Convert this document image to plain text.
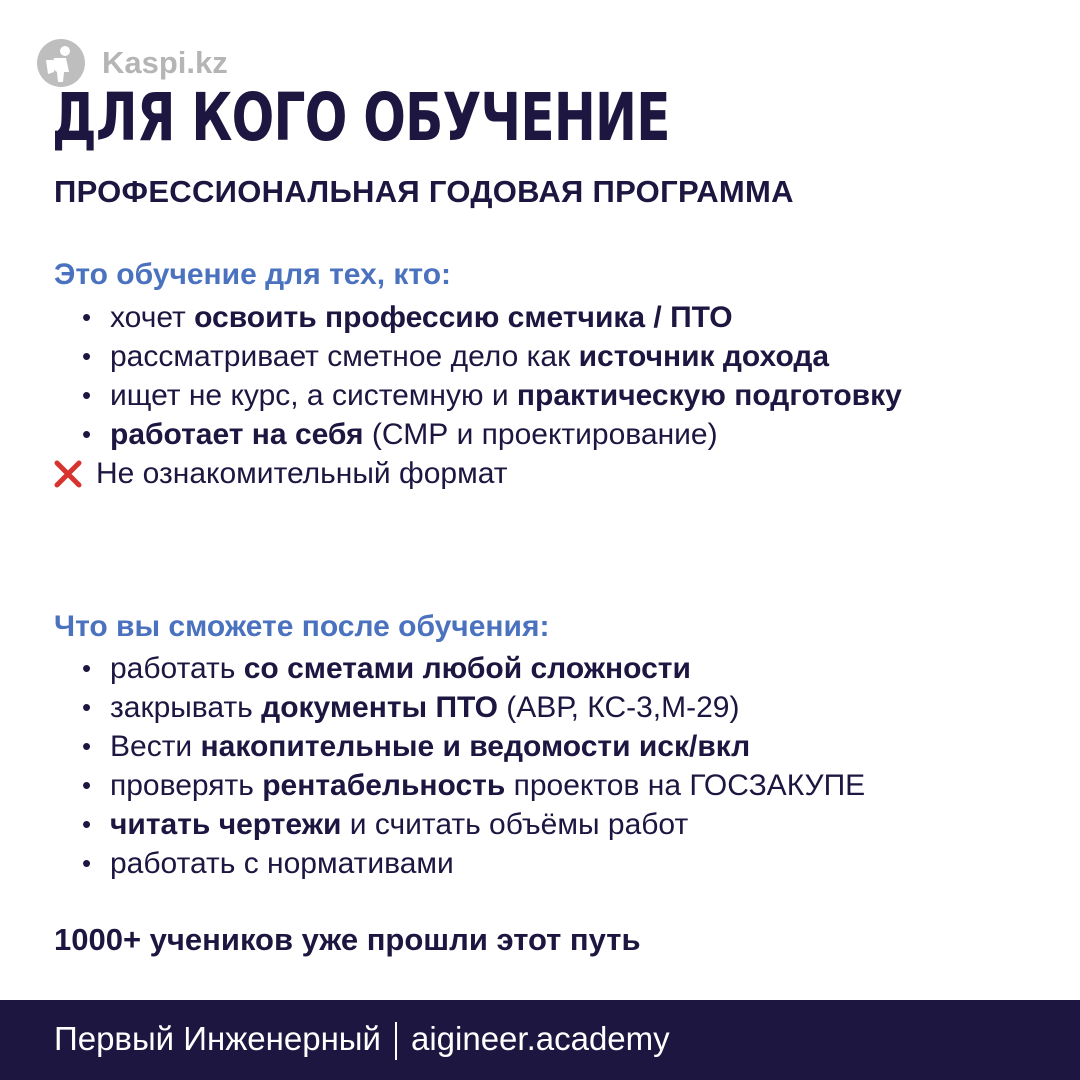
Kaspi.kz
ДЛЯ КОГО ОБУЧЕНИЕ
ПРОФЕССИОНАЛЬНАЯ ГОДОВАЯ ПРОГРАММА
Это обучение для тех, кто:
• хочет освоить профессию сметчика / ПТО
• рассматривает сметное дело как источник дохода
• ищет не курс, а системную и практическую подготовку
• работает на себя (СМР и проектирование)
Не ознакомительный формат
Что вы сможете после обучения:
• работать со сметами любой сложности
• закрывать документы ПТО (АВР, КС-3,М-29)
• Вести накопительные и ведомости иск/вкл
• проверять рентабельность проектов на ГОСЗАКУПЕ
• читать чертежи и считать объёмы работ
• работать с нормативами
1000+ учеников уже прошли этот путь
Первый Инженерный aigineer.academy
